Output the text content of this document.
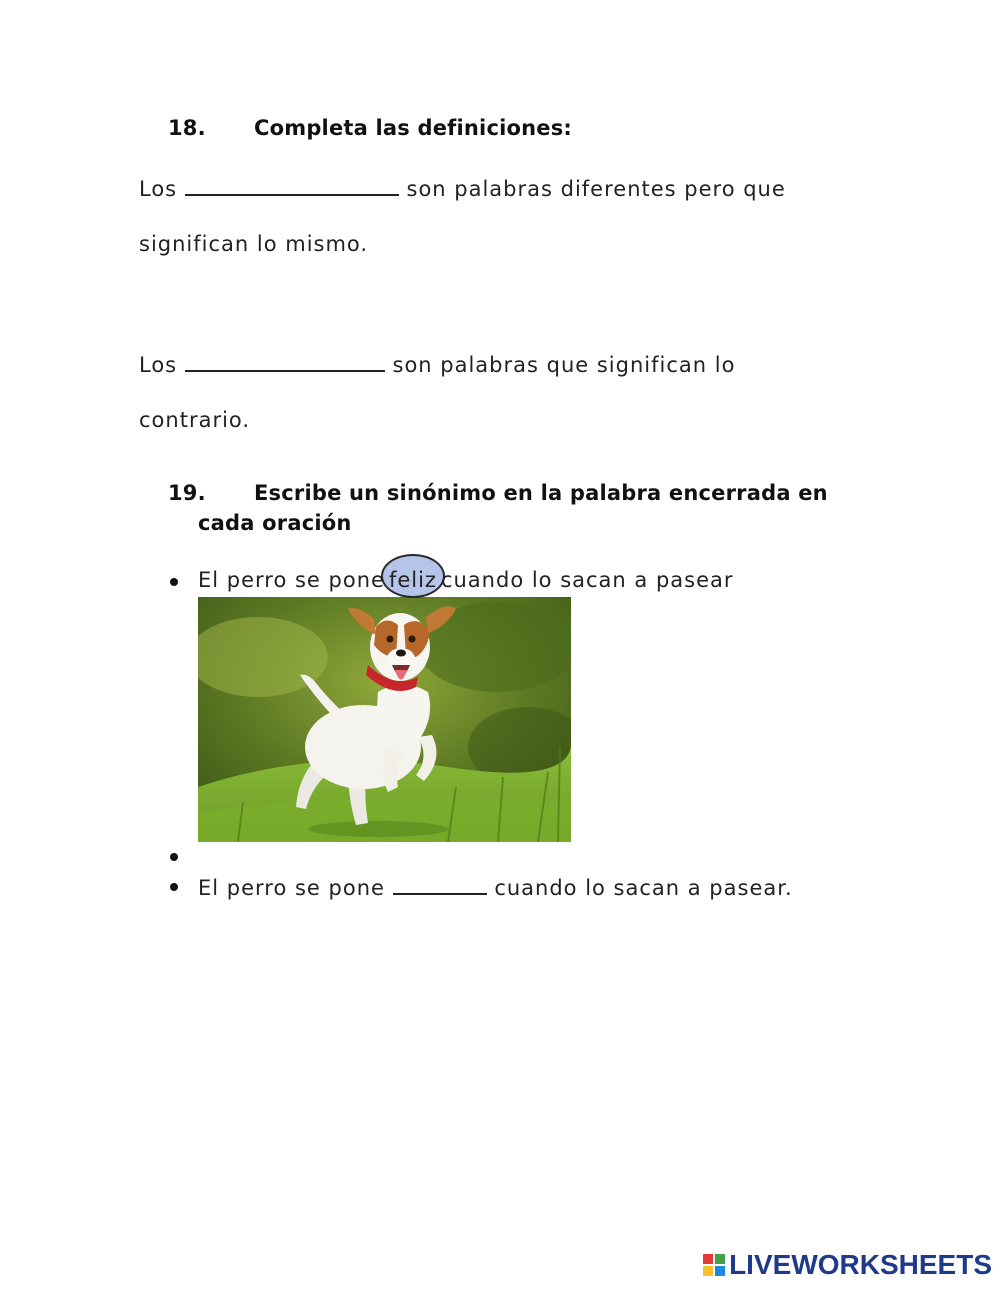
18. Completa las definiciones:
Los	son palabras diferentes pero que
significan lo mismo.
Los	son palabras que significan lo
contrario.
19. Escribe un sinónimo en la palabra encerrada en
cada oración
El perro se pone feliz cuando lo sacan a pasear
El perro se pone	cuando lo sacan a pasear.
LIVEWORKSHEETS
